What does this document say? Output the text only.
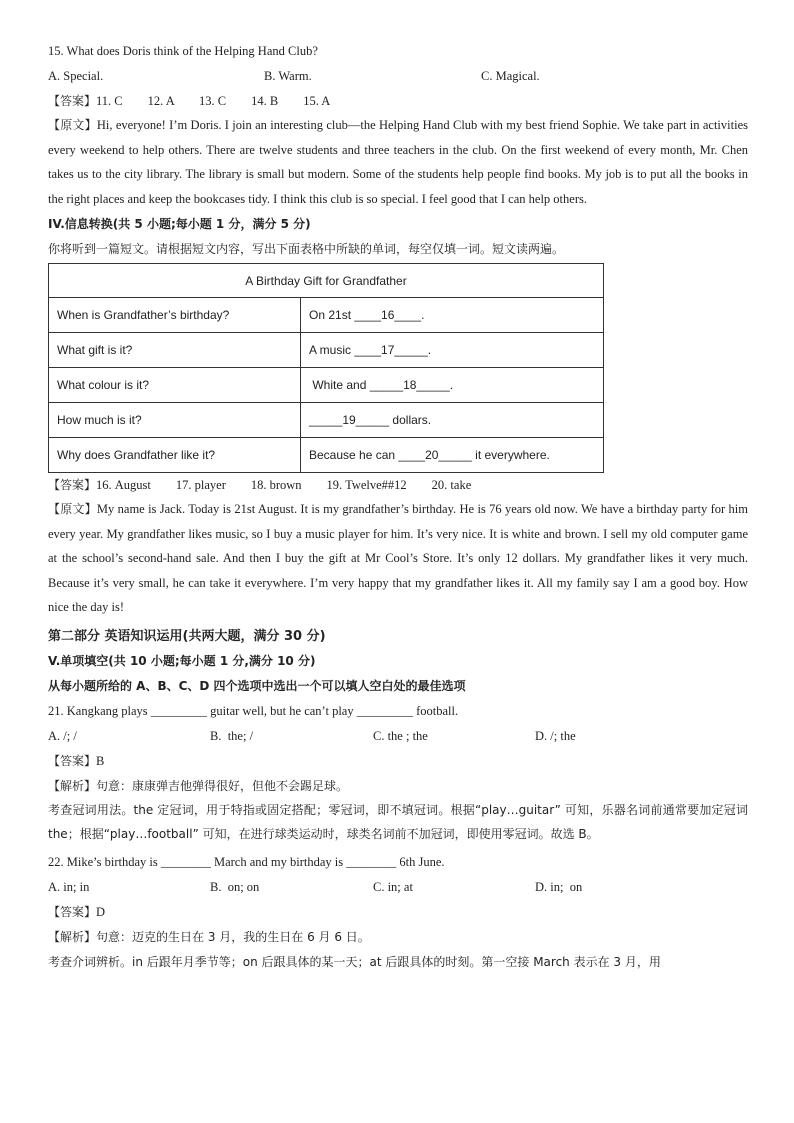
15. What does Doris think of the Helping Hand Club?

A. Special.	B. Warm.	C. Magical.

【答案】11. C        12. A        13. C        14. B        15. A

【原文】Hi, everyone! I’m Doris. I join an interesting club—the Helping Hand Club with my best friend Sophie. We take part in activities every weekend to help others. There are twelve students and three teachers in the club. On the first weekend of every month, Mr. Chen takes us to the city library. The library is small but modern. Some of the students help people find books. My job is to put all the books in the right places and keep the bookcases tidy. I think this club is so special. I feel good that I can help others.

IV.信息转换(共 5 小题;每小题 1 分，满分 5 分)

你将听到一篇短文。请根据短文内容，写出下面表格中所缺的单词，每空仅填一词。短文读两遍。

A Birthday Gift for Grandfather	
When is Grandfather’s birthday?	On 21st ____16____.
What gift is it?	A music ____17_____.
What colour is it?	White and _____18_____.
How much is it?	_____19_____ dollars.
Why does Grandfather like it?	Because he can ____20_____ it everywhere.

【答案】16. August        17. player        18. brown        19. Twelve##12        20. take

【原文】My name is Jack. Today is 21st August. It is my grandfather’s birthday. He is 76 years old now. We have a birthday party for him every year. My grandfather likes music, so I buy a music player for him. It’s very nice. It is white and brown. I sell my old computer game at the school’s second-hand sale. And then I buy the gift at Mr Cool’s Store. It’s only 12 dollars. My grandfather likes it very much. Because it’s very small, he can take it everywhere. I’m very happy that my grandfather likes it. All my family say I am a good boy. How nice the day is!

第二部分 英语知识运用(共两大题，满分 30 分)

V.单项填空(共 10 小题;每小题 1 分,满分 10 分)

从每小题所给的 A、B、C、D 四个选项中选出一个可以填人空白处的最佳选项

21. Kangkang plays _________ guitar well, but he can’t play _________ football.

A. /; /	B.  the; /	C. the ; the	D. /; the

【答案】B

【解析】句意：康康弹吉他弹得很好，但他不会踢足球。

考查冠词用法。the 定冠词，用于特指或固定搭配；零冠词，即不填冠词。根据“play…guitar” 可知，乐器名词前通常要加定冠词 the；根据“play…football” 可知，在进行球类运动时，球类名词前不加冠词，即使用零冠词。故选 B。

22. Mike’s birthday is ________ March and my birthday is ________ 6th June.

A. in; in	B.  on; on	C. in; at	D. in;  on

【答案】D

【解析】句意：迈克的生日在 3 月，我的生日在 6 月 6 日。

考查介词辨析。in 后跟年月季节等；on 后跟具体的某一天；at 后跟具体的时刻。第一空接 March 表示在 3 月，用
